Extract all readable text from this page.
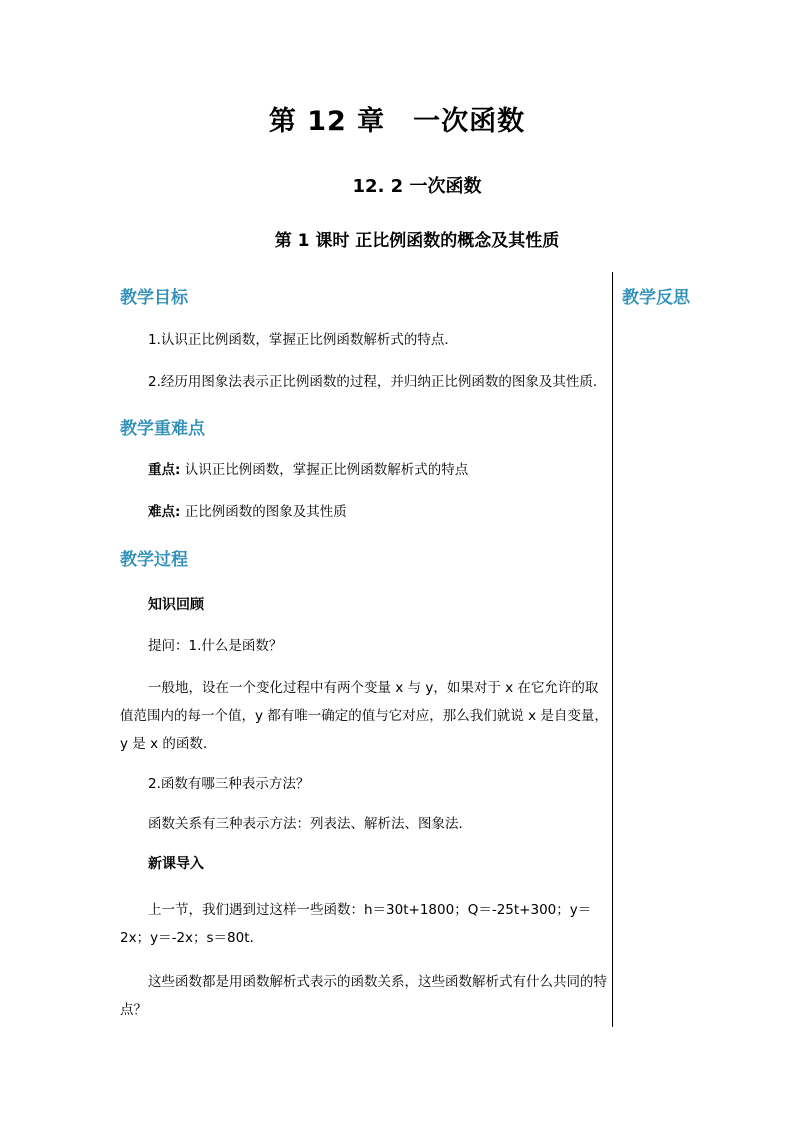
第 12 章　一次函数
12. 2 一次函数
第 1 课时 正比例函数的概念及其性质
教学反思
教学目标
1.认识正比例函数，掌握正比例函数解析式的特点.
2.经历用图象法表示正比例函数的过程，并归纳正比例函数的图象及其性质.
教学重难点
重点: 认识正比例函数，掌握正比例函数解析式的特点
难点: 正比例函数的图象及其性质
教学过程
知识回顾
提问：1.什么是函数？
一般地，设在一个变化过程中有两个变量 x 与 y，如果对于 x 在它允许的取值范围内的每一个值，y 都有唯一确定的值与它对应，那么我们就说 x 是自变量，y 是 x 的函数.
2.函数有哪三种表示方法？
函数关系有三种表示方法：列表法、解析法、图象法.
新课导入
上一节，我们遇到过这样一些函数：h＝30t+1800；Q＝-25t+300；y＝2x；y＝-2x；s＝80t.
这些函数都是用函数解析式表示的函数关系，这些函数解析式有什么共同的特点？
